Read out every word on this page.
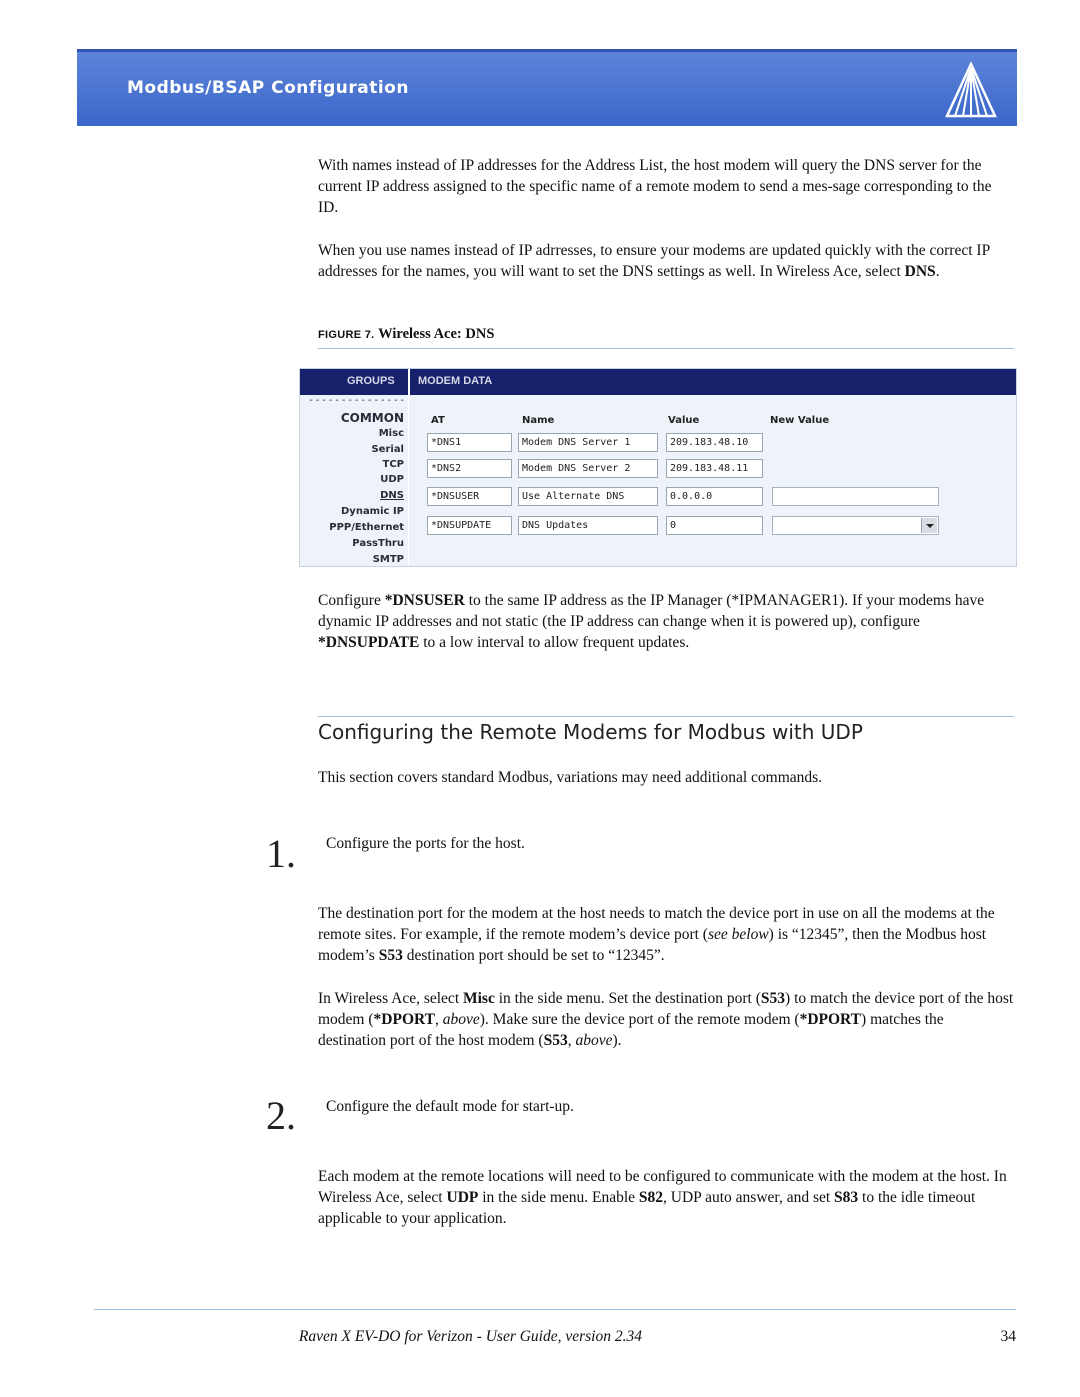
Modbus/BSAP Configuration

With names instead of IP addresses for the Address List, the host modem will query the DNS server for the current IP address assigned to the specific name of a remote modem to send a mes-sage corresponding to the ID.

When you use names instead of IP adrresses, to ensure your modems are updated quickly with the correct IP addresses for the names, you will want to set the DNS settings as well. In Wireless Ace, select DNS.

FIGURE 7. Wireless Ace: DNS
GROUPS MODEM DATA
---------------
COMMON
Misc
Serial
TCP
UDP
DNS
Dynamic IP
PPP/Ethernet
PassThru
SMTP
AT	Name	Value	New Value
*DNS1	Modem DNS Server 1	209.183.48.10
*DNS2	Modem DNS Server 2	209.183.48.11
*DNSUSER	Use Alternate DNS	0.0.0.0
*DNSUPDATE	DNS Updates	0

Configure *DNSUSER to the same IP address as the IP Manager (*IPMANAGER1). If your modems have dynamic IP addresses and not static (the IP address can change when it is powered up), configure *DNSUPDATE to a low interval to allow frequent updates.

Configuring the Remote Modems for Modbus with UDP

This section covers standard Modbus, variations may need additional commands.

1. Configure the ports for the host.

The destination port for the modem at the host needs to match the device port in use on all the modems at the remote sites. For example, if the remote modem’s device port (see below) is “12345”, then the Modbus host modem’s S53 destination port should be set to “12345”.

In Wireless Ace, select Misc in the side menu. Set the destination port (S53) to match the device port of the host modem (*DPORT, above). Make sure the device port of the remote modem (*DPORT) matches the destination port of the host modem (S53, above).

2. Configure the default mode for start-up.

Each modem at the remote locations will need to be configured to communicate with the modem at the host. In Wireless Ace, select UDP in the side menu. Enable S82, UDP auto answer, and set S83 to the idle timeout applicable to your application.

Raven X EV-DO for Verizon - User Guide, version 2.34	34
